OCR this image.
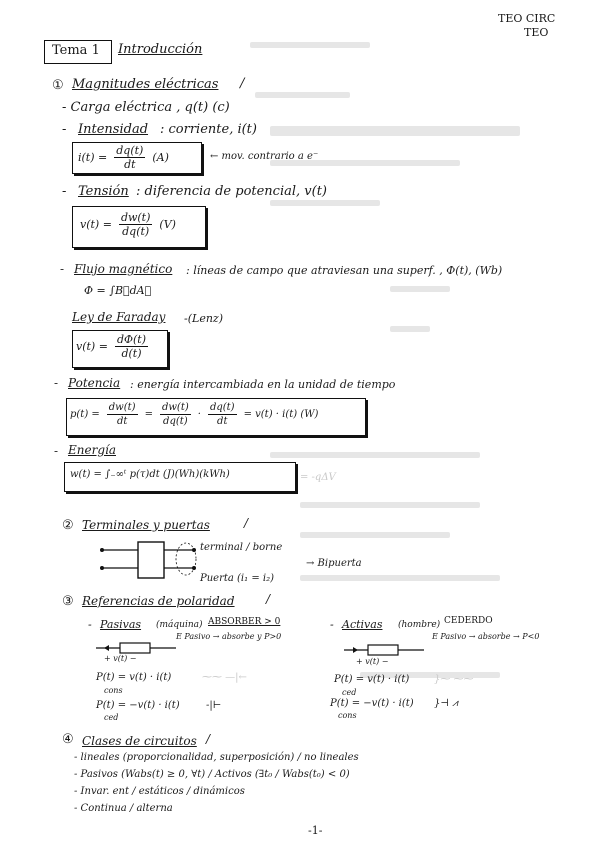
TEO CIRC
TEO
Tema 1 Introducción
① Magnitudes eléctricas /
- Carga eléctrica , q(t) (c)
- Intensidad : corriente, i(t)
$i(t) = \frac{dq(t)}{dt} (A)$	← mov. contrario a e⁻
- Tensión : diferencia de potencial, v(t)
$v(t) = \frac{dw(t)}{dq(t)} (V)$
- Flujo magnético : líneas de campo que atraviesan una superf. , Φ(t), (Wb)
Φ = ∫B⃗dA⃗
Ley de Faraday -(Lenz)
$v(t) = \frac{d\Phi(t)}{d(t)}$
- Potencia : energía intercambiada en la unidad de tiempo
$p(t) = \frac{dw(t)}{dt} = \frac{dw(t)}{dq(t)} \cdot \frac{dq(t)}{dt} = v(t) \cdot i(t)$ (W)
- Energía
w(t) = ∫₋∞ᵗ p(τ)dt (J)(Wh)(kWh)	= -qΔV
② Terminales y puertas	/
terminal / borne
Puerta (i₁ = i₂)
→ Bipuerta
③ Referencias de polaridad	/
- Pasivas (máquina) ABSORBER > 0
E Pasivo → absorbe y P>0
+ v(t) −
P(t) = v(t) · i(t)
cons
⁓⁓ —|←
P(t) = −v(t) · i(t)
ced
-|⊢
- Activas (hombre) CEDERDO
E Pasivo → absorbe → P<0
+ v(t) −
P(t) = v(t) · i(t)
ced
}⁓ ⁓⁓
P(t) = −v(t) · i(t)
cons
}⊣ ⩘
④ Clases de circuitos /
- lineales (proporcionalidad, superposición) / no lineales
- Pasivos (Wabs(t) ≥ 0, ∀t) / Activos (∃t₀ / Wabs(t₀) < 0)
- Invar. ent / estáticos / dinámicos
- Continua / alterna
-1-
